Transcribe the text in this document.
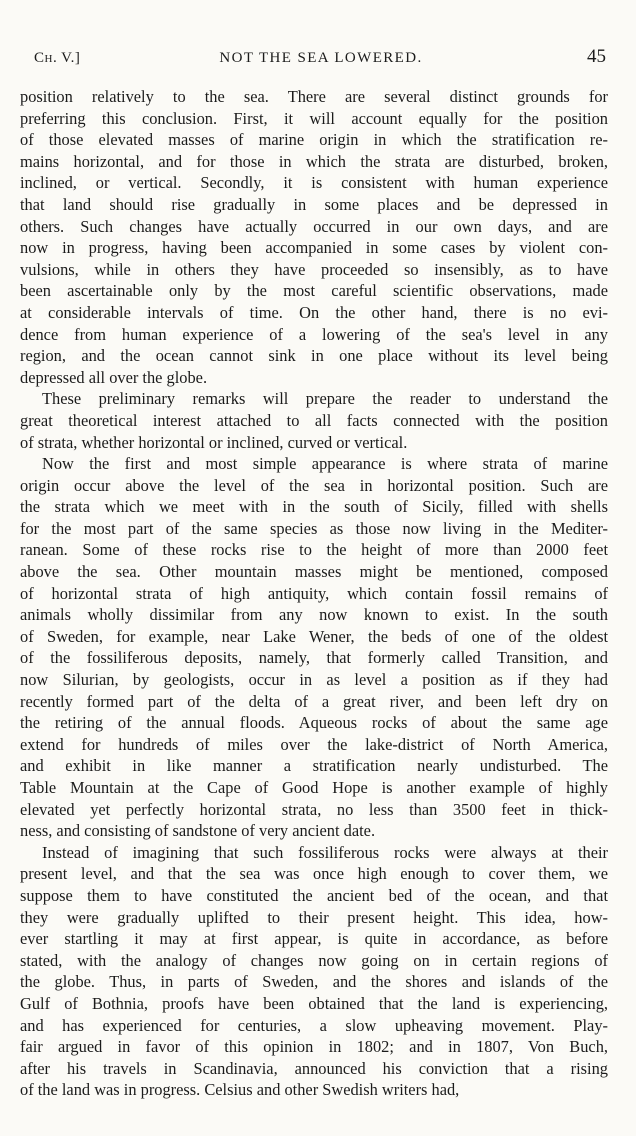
Ch. V.]	NOT THE SEA LOWERED.	45

position relatively to the sea. There are several distinct grounds for
preferring this conclusion. First, it will account equally for the position
of those elevated masses of marine origin in which the stratification re-
mains horizontal, and for those in which the strata are disturbed, broken,
inclined, or vertical. Secondly, it is consistent with human experience
that land should rise gradually in some places and be depressed in
others. Such changes have actually occurred in our own days, and are
now in progress, having been accompanied in some cases by violent con-
vulsions, while in others they have proceeded so insensibly, as to have
been ascertainable only by the most careful scientific observations, made
at considerable intervals of time. On the other hand, there is no evi-
dence from human experience of a lowering of the sea's level in any
region, and the ocean cannot sink in one place without its level being
depressed all over the globe.

These preliminary remarks will prepare the reader to understand the
great theoretical interest attached to all facts connected with the position
of strata, whether horizontal or inclined, curved or vertical.

Now the first and most simple appearance is where strata of marine
origin occur above the level of the sea in horizontal position. Such are
the strata which we meet with in the south of Sicily, filled with shells
for the most part of the same species as those now living in the Mediter-
ranean. Some of these rocks rise to the height of more than 2000 feet
above the sea. Other mountain masses might be mentioned, composed
of horizontal strata of high antiquity, which contain fossil remains of
animals wholly dissimilar from any now known to exist. In the south
of Sweden, for example, near Lake Wener, the beds of one of the oldest
of the fossiliferous deposits, namely, that formerly called Transition, and
now Silurian, by geologists, occur in as level a position as if they had
recently formed part of the delta of a great river, and been left dry on
the retiring of the annual floods. Aqueous rocks of about the same age
extend for hundreds of miles over the lake-district of North America,
and exhibit in like manner a stratification nearly undisturbed. The
Table Mountain at the Cape of Good Hope is another example of highly
elevated yet perfectly horizontal strata, no less than 3500 feet in thick-
ness, and consisting of sandstone of very ancient date.

Instead of imagining that such fossiliferous rocks were always at their
present level, and that the sea was once high enough to cover them, we
suppose them to have constituted the ancient bed of the ocean, and that
they were gradually uplifted to their present height. This idea, how-
ever startling it may at first appear, is quite in accordance, as before
stated, with the analogy of changes now going on in certain regions of
the globe. Thus, in parts of Sweden, and the shores and islands of the
Gulf of Bothnia, proofs have been obtained that the land is experiencing,
and has experienced for centuries, a slow upheaving movement. Play-
fair argued in favor of this opinion in 1802; and in 1807, Von Buch,
after his travels in Scandinavia, announced his conviction that a rising
of the land was in progress. Celsius and other Swedish writers had,
